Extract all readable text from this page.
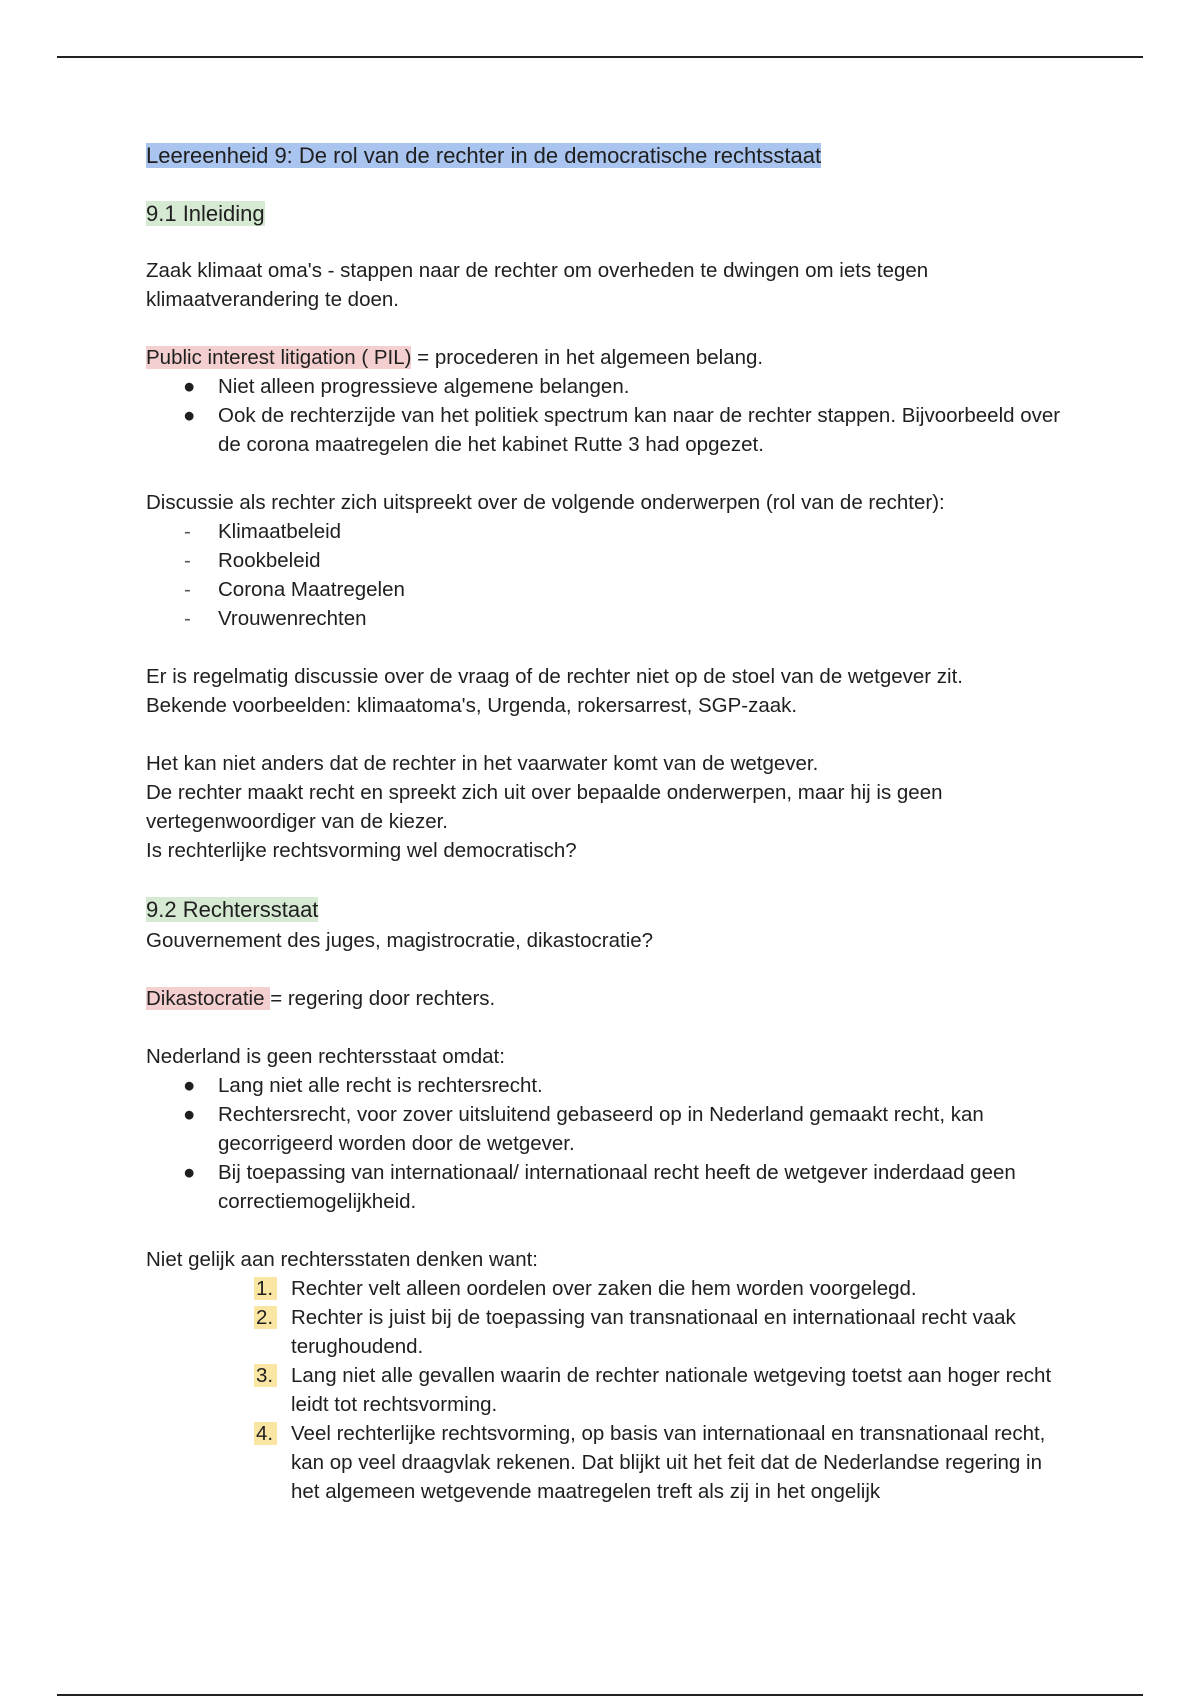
Leereenheid 9: De rol van de rechter in de democratische rechtsstaat

9.1 Inleiding

Zaak klimaat oma's - stappen naar de rechter om overheden te dwingen om iets tegen
klimaatverandering te doen.

Public interest litigation ( PIL) = procederen in het algemeen belang.

● Niet alleen progressieve algemene belangen.
● Ook de rechterzijde van het politiek spectrum kan naar de rechter stappen. Bijvoorbeeld over de corona maatregelen die het kabinet Rutte 3 had opgezet.

Discussie als rechter zich uitspreekt over de volgende onderwerpen (rol van de rechter):

- Klimaatbeleid
- Rookbeleid
- Corona Maatregelen
- Vrouwenrechten

Er is regelmatig discussie over de vraag of de rechter niet op de stoel van de wetgever zit.
Bekende voorbeelden: klimaatoma's, Urgenda, rokersarrest, SGP-zaak.

Het kan niet anders dat de rechter in het vaarwater komt van de wetgever.
De rechter maakt recht en spreekt zich uit over bepaalde onderwerpen, maar hij is geen vertegenwoordiger van de kiezer.
Is rechterlijke rechtsvorming wel democratisch?

9.2 Rechtersstaat

Gouvernement des juges, magistrocratie, dikastocratie?

Dikastocratie = regering door rechters.

Nederland is geen rechtersstaat omdat:

● Lang niet alle recht is rechtersrecht.
● Rechtersrecht, voor zover uitsluitend gebaseerd op in Nederland gemaakt recht, kan gecorrigeerd worden door de wetgever.
● Bij toepassing van internationaal/ internationaal recht heeft de wetgever inderdaad geen correctiemogelijkheid.

Niet gelijk aan rechtersstaten denken want:

1. Rechter velt alleen oordelen over zaken die hem worden voorgelegd.
2. Rechter is juist bij de toepassing van transnationaal en internationaal recht vaak terughoudend.
3. Lang niet alle gevallen waarin de rechter nationale wetgeving toetst aan hoger recht leidt tot rechtsvorming.
4. Veel rechterlijke rechtsvorming, op basis van internationaal en transnationaal recht, kan op veel draagvlak rekenen. Dat blijkt uit het feit dat de Nederlandse regering in het algemeen wetgevende maatregelen treft als zij in het ongelijk
